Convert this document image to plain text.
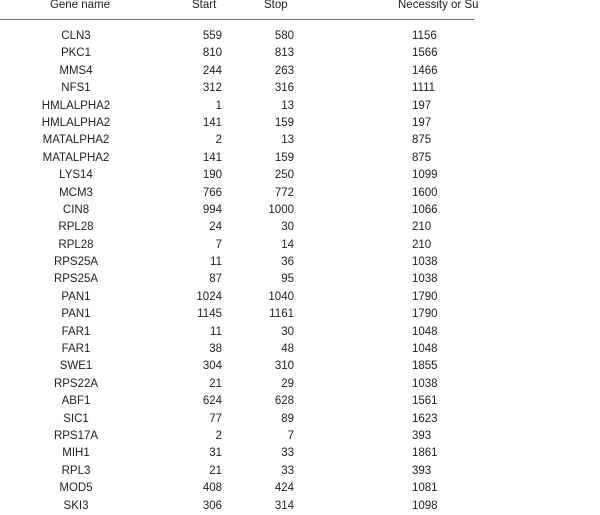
Gene name	Start	Stop	Necessity or Su
CLN3	559	580	1156
PKC1	810	813	1566
MMS4	244	263	1466
NFS1	312	316	1111
HMLALPHA2	1	13	197
HMLALPHA2	141	159	197
MATALPHA2	2	13	875
MATALPHA2	141	159	875
LYS14	190	250	1099
MCM3	766	772	1600
CIN8	994	1000	1066
RPL28	24	30	210
RPL28	7	14	210
RPS25A	11	36	1038
RPS25A	87	95	1038
PAN1	1024	1040	1790
PAN1	1145	1161	1790
FAR1	11	30	1048
FAR1	38	48	1048
SWE1	304	310	1855
RPS22A	21	29	1038
ABF1	624	628	1561
SIC1	77	89	1623
RPS17A	2	7	393
MIH1	31	33	1861
RPL3	21	33	393
MOD5	408	424	1081
SKI3	306	314	1098
